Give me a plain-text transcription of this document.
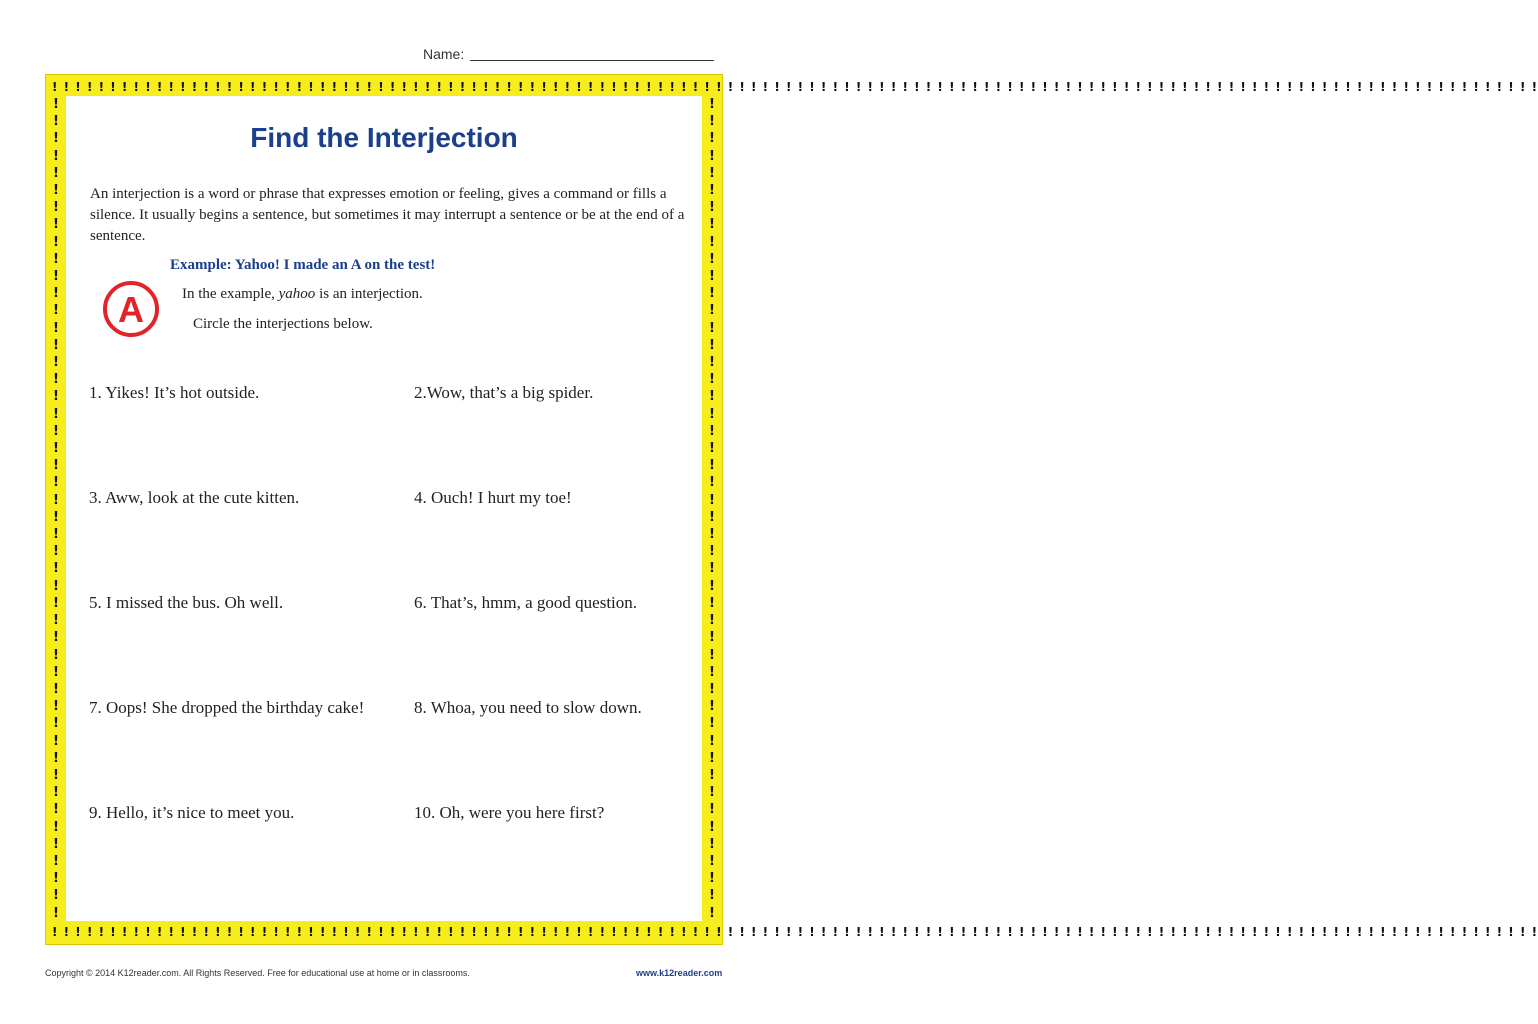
Name:
! ! ! ! ! ! ! ! ! ! ! ! ! ! ! ! ! ! ! ! ! ! ! ! ! ! ! ! ! ! ! ! ! ! ! ! ! ! ! ! ! ! ! ! ! ! ! ! ! ! ! ! ! ! ! ! ! ! ! ! ! ! ! ! ! ! ! ! ! ! ! ! ! ! ! ! ! ! ! ! ! ! ! ! ! ! ! ! ! ! ! ! ! ! ! ! ! ! ! ! ! ! ! ! ! ! ! ! ! ! ! ! ! ! ! ! ! ! ! ! ! ! ! ! ! ! ! !
! ! ! ! ! ! ! ! ! ! ! ! ! ! ! ! ! ! ! ! ! ! ! ! ! ! ! ! ! ! ! ! ! ! ! ! ! ! ! ! ! ! ! ! ! ! ! ! ! ! ! ! ! ! ! ! ! ! ! ! ! ! ! ! ! ! ! ! ! ! ! ! ! ! ! ! ! ! ! ! ! ! ! ! ! ! ! ! ! ! ! ! ! ! ! ! ! ! ! ! ! ! ! ! ! ! ! ! ! ! ! ! ! ! ! ! ! ! ! ! ! ! ! ! ! ! ! !
!
!
!
!
!
!
!
!
!
!
!
!
!
!
!
!
!
!
!
!
!
!
!
!
!
!
!
!
!
!
!
!
!
!
!
!
!
!
!
!
!
!
!
!
!
!
!
!
!
!
!
!
!
!
!
!
!
!
!
!
!
!
!
!
!
!
!
!
!
!
!
!
!
!
!
!
!
!
!
!
!
!
!
!
!
!
!
!
!
!
!
!
!
!
!
!
Find the Interjection
An interjection is a word or phrase that expresses emotion or feeling, gives a command or fills a silence. It usually begins a sentence, but sometimes it may interrupt a sentence or be at the end of a sentence.
Example: Yahoo! I made an A on the test!
A	In the example, yahoo is an interjection.
Circle the interjections below.
1. Yikes! It’s hot outside.	2.Wow, that’s a big spider.
3. Aww, look at the cute kitten.	4. Ouch! I hurt my toe!
5. I missed the bus. Oh well.	6. That’s, hmm, a good question.
7. Oops! She dropped the birthday cake!	8. Whoa, you need to slow down.
9. Hello, it’s nice to meet you.	10. Oh, were you here first?
Copyright © 2014 K12reader.com. All Rights Reserved. Free for educational use at home or in classrooms.	www.k12reader.com
